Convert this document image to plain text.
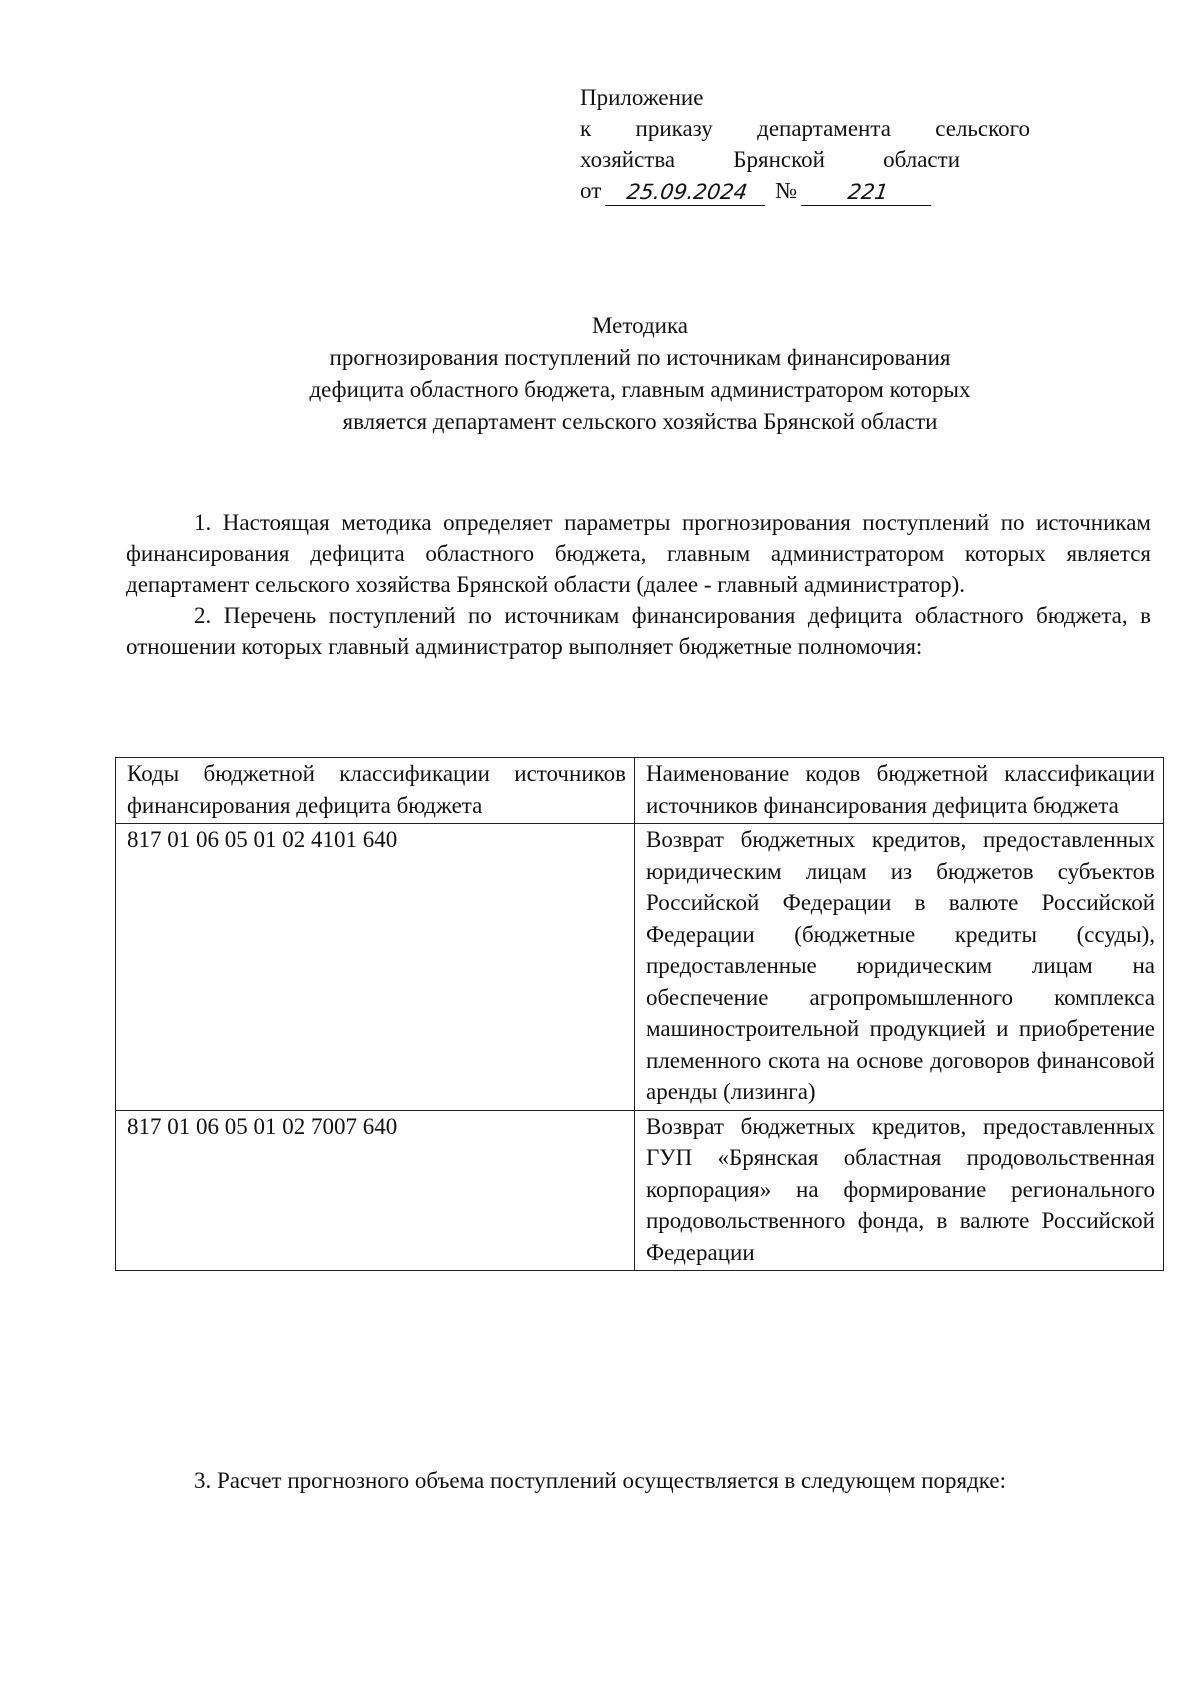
Приложение
к приказу департамента сельского
хозяйства Брянской области
от	25.09.2024	№	221
Методика
прогнозирования поступлений по источникам финансирования
дефицита областного бюджета, главным администратором которых
является департамент сельского хозяйства Брянской области

1. Настоящая методика определяет параметры прогнозирования поступлений по источникам финансирования дефицита областного бюджета, главным администратором которых является департамент сельского хозяйства Брянской области (далее - главный администратор).

2. Перечень поступлений по источникам финансирования дефицита областного бюджета, в отношении которых главный администратор выполняет бюджетные полномочия:

Коды бюджетной классификации источников финансирования дефицита бюджета	Наименование кодов бюджетной классификации источников финансирования дефицита бюджета
817 01 06 05 01 02 4101 640	Возврат бюджетных кредитов, предоставленных юридическим лицам из бюджетов субъектов Российской Федерации в валюте Российской Федерации (бюджетные кредиты (ссуды), предоставленные юридическим лицам на обеспечение агропромышленного комплекса машиностроительной продукцией и приобретение племенного скота на основе договоров финансовой аренды (лизинга)
817 01 06 05 01 02 7007 640	Возврат бюджетных кредитов, предоставленных ГУП «Брянская областная продовольственная корпорация» на формирование регионального продовольственного фонда, в валюте Российской Федерации

3. Расчет прогнозного объема поступлений осуществляется в следующем порядке:
